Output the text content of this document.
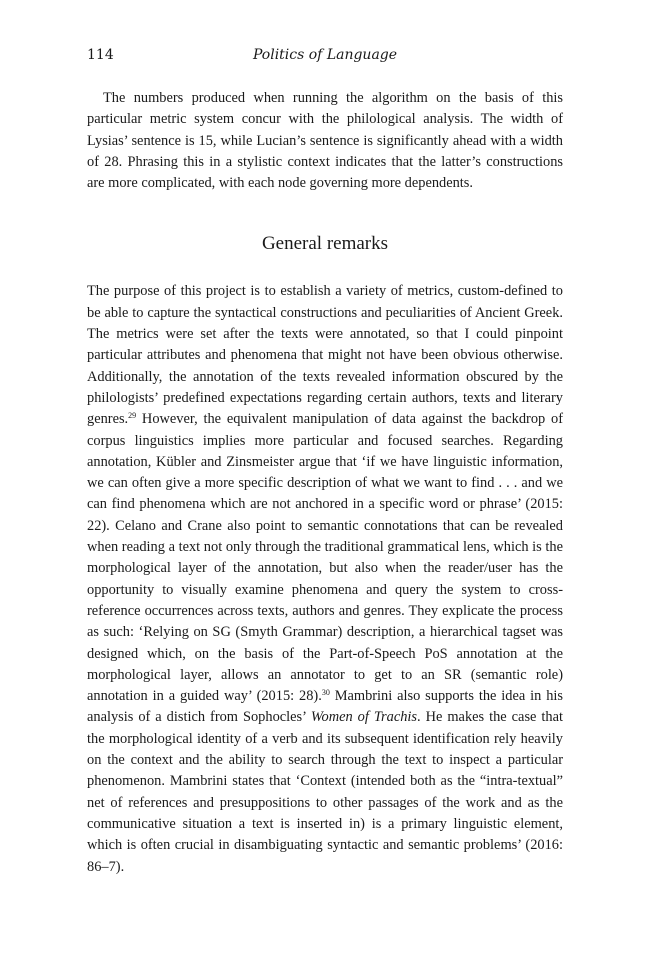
114	Politics of Language

The numbers produced when running the algorithm on the basis of this particular metric system concur with the philological analysis. The width of Lysias’ sentence is 15, while Lucian’s sentence is significantly ahead with a width of 28. Phrasing this in a stylistic context indicates that the latter’s constructions are more complicated, with each node governing more dependents.

General remarks

The purpose of this project is to establish a variety of metrics, custom-defined to be able to capture the syntactical constructions and peculiarities of Ancient Greek. The metrics were set after the texts were annotated, so that I could pinpoint particular attributes and phenomena that might not have been obvious otherwise. Additionally, the annotation of the texts revealed information obscured by the philologists’ predefined expectations regarding certain authors, texts and literary genres.$^{29}$ However, the equivalent manipulation of data against the backdrop of corpus linguistics implies more particular and focused searches. Regarding annotation, Kübler and Zinsmeister argue that ‘if we have linguistic information, we can often give a more specific description of what we want to find . . . and we can find phenomena which are not anchored in a specific word or phrase’ (2015: 22). Celano and Crane also point to semantic connotations that can be revealed when reading a text not only through the traditional grammatical lens, which is the morphological layer of the annotation, but also when the reader/user has the opportunity to visually examine phenomena and query the system to cross-reference occurrences across texts, authors and genres. They explicate the process as such: ‘Relying on SG (Smyth Grammar) description, a hierarchical tagset was designed which, on the basis of the Part-of-Speech PoS annotation at the morphological layer, allows an annotator to get to an SR (semantic role) annotation in a guided way’ (2015: 28).$^{30}$ Mambrini also supports the idea in his analysis of a distich from Sophocles’ Women of Trachis. He makes the case that the morphological identity of a verb and its subsequent identification rely heavily on the context and the ability to search through the text to inspect a particular phenomenon. Mambrini states that ‘Context (intended both as the “intra-textual” net of references and presuppositions to other passages of the work and as the communicative situation a text is inserted in) is a primary linguistic element, which is often crucial in disambiguating syntactic and semantic problems’ (2016: 86–7).
